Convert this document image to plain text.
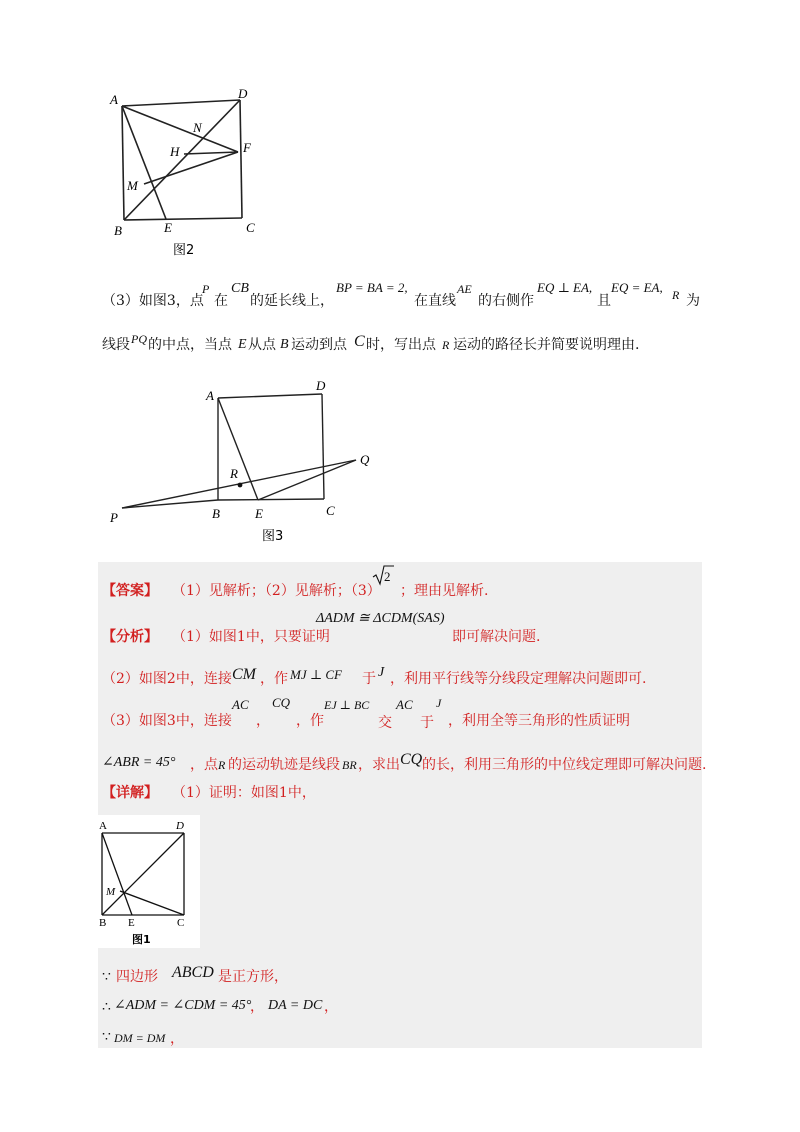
A	D
N
H	F
M
B	E	C
图2
（3）如图3，点
P
在
CB
的延长线上，
BP = BA = 2,
在直线
AE
的右侧作
EQ ⊥ EA,
且
EQ = EA, R 为
线段 PQ 的中点，当点 E 从点 B 运动到点 C 时，写出点 R 运动的路径长并简要说明理由.
A
D
Q
R
P	B	E	C
图3
【答案】 （1）见解析；（2）见解析；（3）
2
；理由见解析.
【分析】 （1）如图1中，只要证明
ΔADM ≅ ΔCDM(SAS)
即可解决问题.
（2）如图2中，连接 CM ，作 MJ ⊥ CF 于 J ，利用平行线等分线段定理解决问题即可.
（3）如图3中，连接
AC
，
CQ
，作
EJ ⊥ BC
交
AC
于
J
，利用全等三角形的性质证明
∠ABR = 45° ，点 R 的运动轨迹是线段 BR ，求出 CQ 的长，利用三角形的中位线定理即可解决问题.
【详解】 （1）证明：如图1中，
A	D
M
B E	C
图1
∵ 四边形 ABCD 是正方形，
∴ ∠ADM = ∠CDM = 45°
， DA = DC ，
∵ DM = DM ，
